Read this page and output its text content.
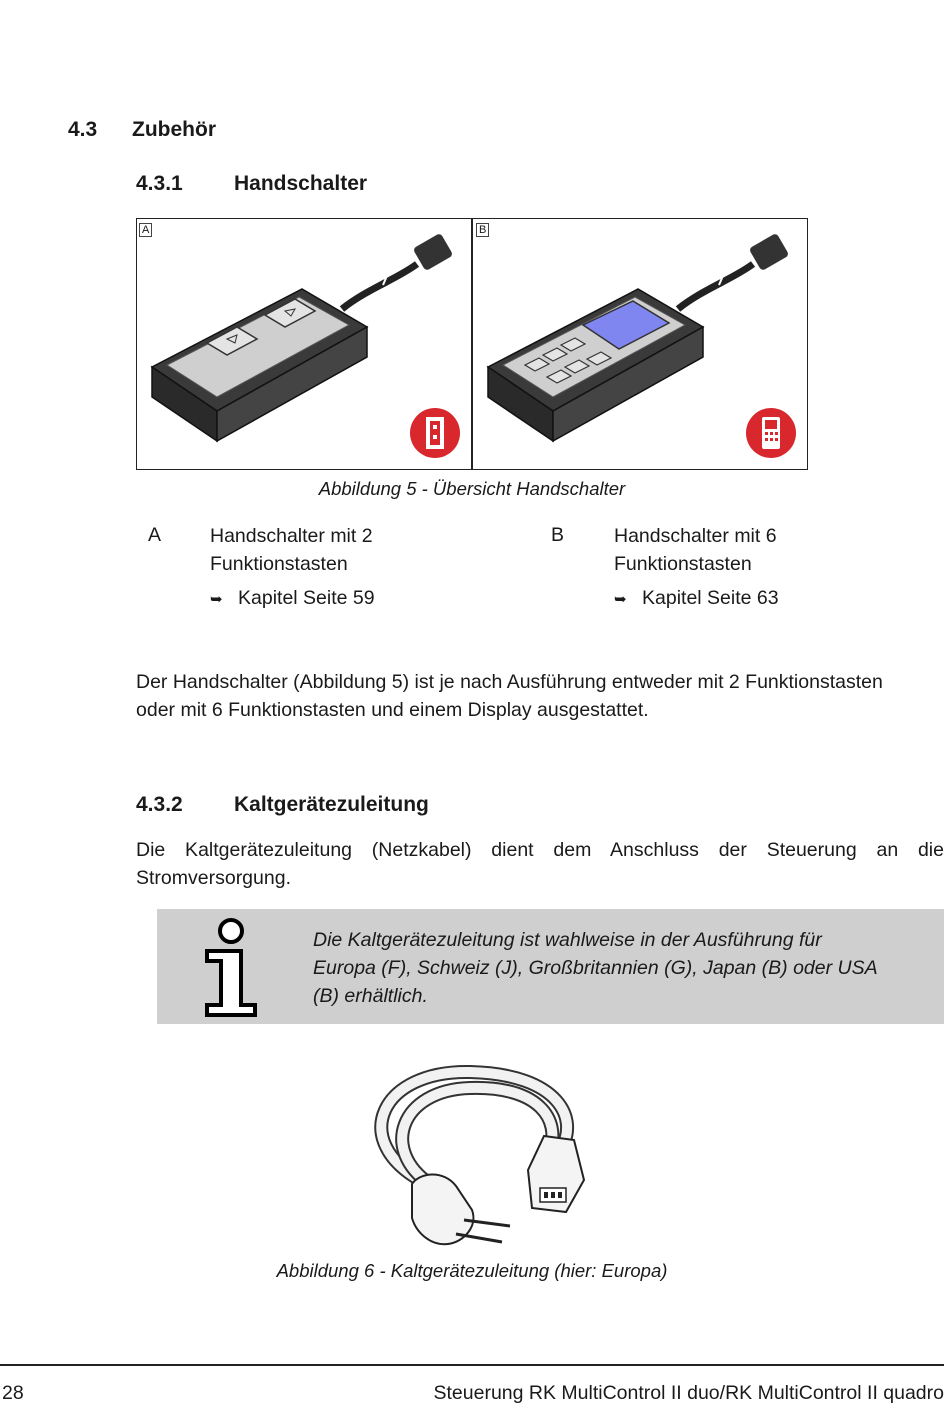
4.3 Zubehör
4.3.1 Handschalter
A	B
Abbildung 5 - Übersicht Handschalter
A	Handschalter mit 2
Funktionstasten
➥ Kapitel Seite 59
B	Handschalter mit 6
Funktionstasten
➥ Kapitel Seite 63
Der Handschalter (Abbildung 5) ist je nach Ausführung entweder mit 2 Funktionstasten
oder mit 6 Funktionstasten und einem Display ausgestattet.
4.3.2 Kaltgerätezuleitung
Die Kaltgerätezuleitung (Netzkabel) dient dem Anschluss der Steuerung an die
Stromversorgung.
Die Kaltgerätezuleitung ist wahlweise in der Ausführung für
Europa (F), Schweiz (J), Großbritannien (G), Japan (B) oder USA
(B) erhältlich.
Abbildung 6 - Kaltgerätezuleitung (hier: Europa)
28	Steuerung RK MultiControl II duo/RK MultiControl II quadro
